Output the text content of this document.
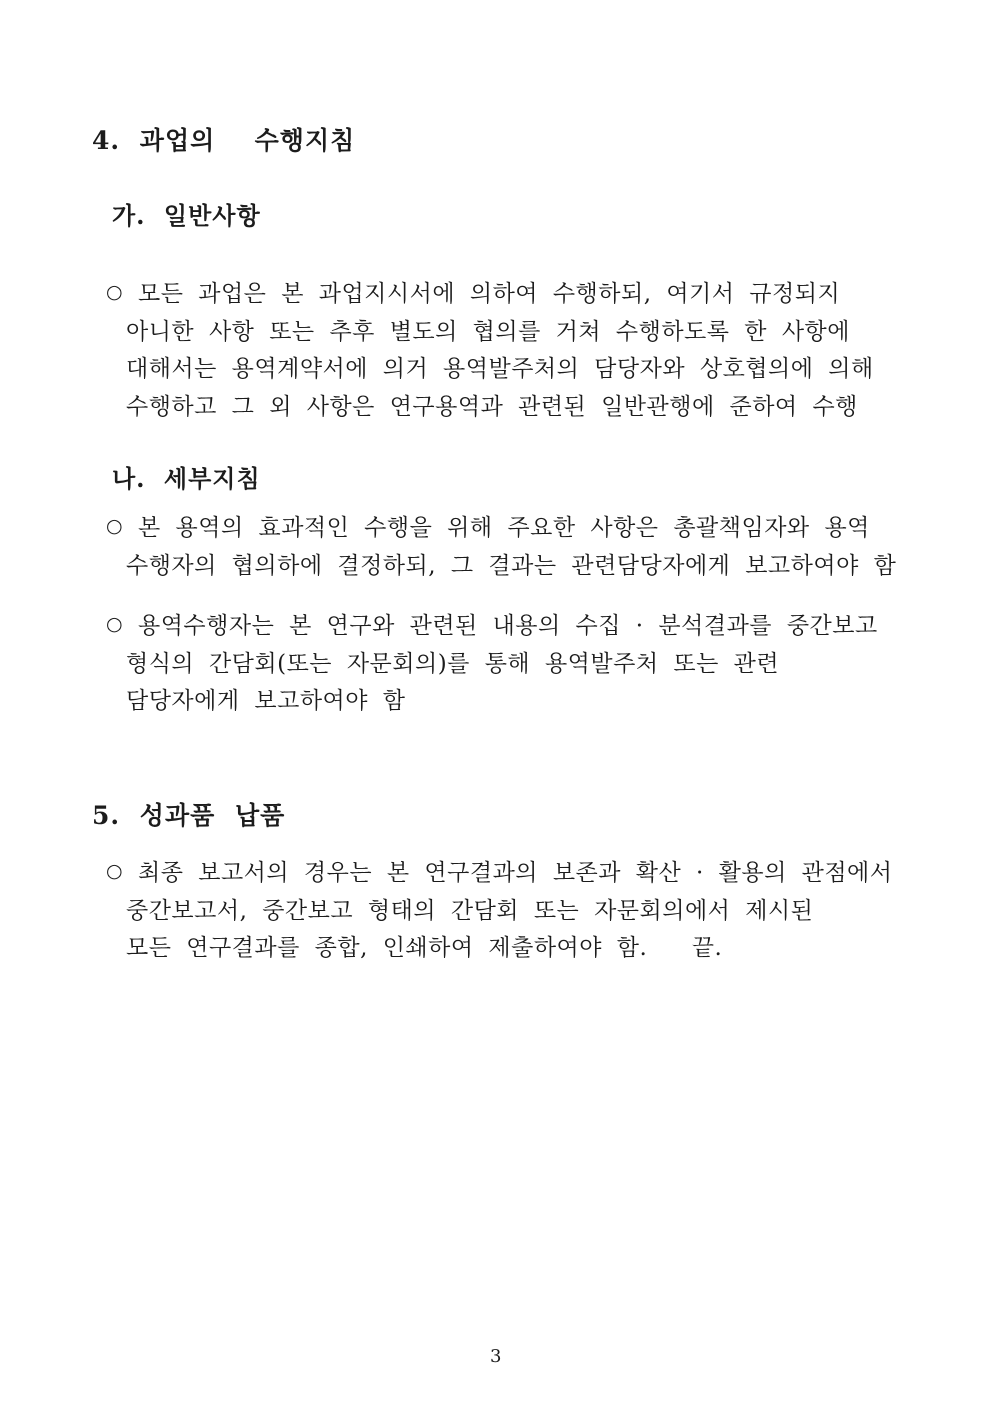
4. 과업의  수행지침
가. 일반사항
○ 모든 과업은 본 과업지시서에 의하여 수행하되, 여기서 규정되지
아니한 사항 또는 추후 별도의 협의를 거쳐 수행하도록 한 사항에
대해서는 용역계약서에 의거 용역발주처의 담당자와 상호협의에 의해
수행하고 그 외 사항은 연구용역과 관련된 일반관행에 준하여 수행
나. 세부지침
○ 본 용역의 효과적인 수행을 위해 주요한 사항은 총괄책임자와 용역
수행자의 협의하에 결정하되, 그 결과는 관련담당자에게 보고하여야 함
○ 용역수행자는 본 연구와 관련된 내용의 수집 · 분석결과를 중간보고
형식의 간담회(또는 자문회의)를 통해 용역발주처 또는 관련
담당자에게 보고하여야 함
5. 성과품 납품
○ 최종 보고서의 경우는 본 연구결과의 보존과 확산 · 활용의 관점에서
중간보고서, 중간보고 형태의 간담회 또는 자문회의에서 제시된
모든 연구결과를 종합, 인쇄하여 제출하여야 함.   끝.
3
